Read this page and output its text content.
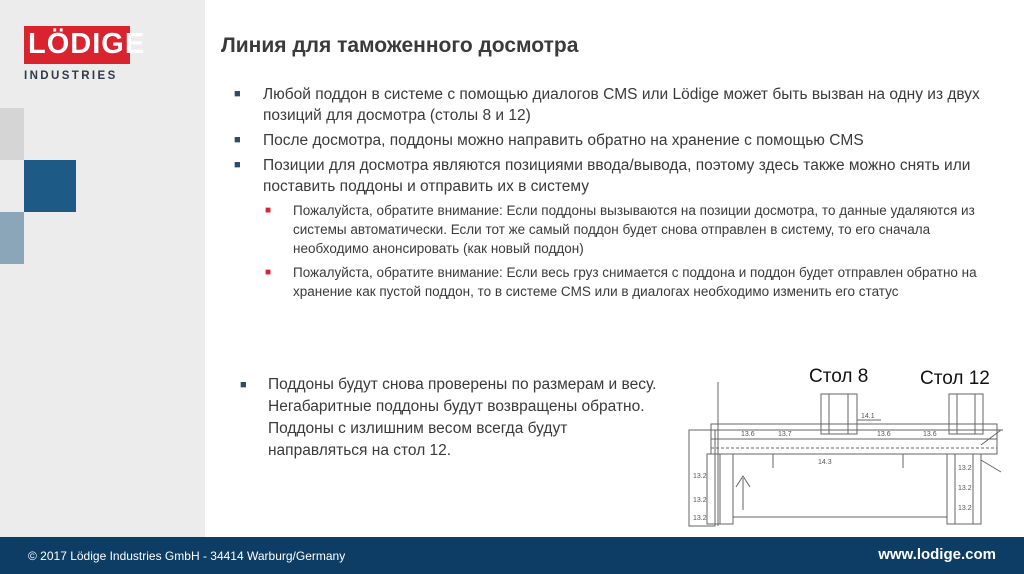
LÖDIGE
INDUSTRIES
Линия для таможенного досмотра
■ Любой поддон в системе с помощью диалогов CMS или Lödige может быть вызван на одну из двух позиций для досмотра (столы 8 и 12)
■ После досмотра, поддоны можно направить обратно на хранение с помощью CMS
■ Позиции для досмотра являются позициями ввода/вывода, поэтому здесь также можно снять или поставить поддоны и отправить их в систему
■ Пожалуйста, обратите внимание: Если поддоны вызываются на позиции досмотра, то данные удаляются из системы автоматически. Если тот же самый поддон будет снова отправлен в систему, то его сначала необходимо анонсировать (как новый поддон)
■ Пожалуйста, обратите внимание: Если весь груз снимается с поддона и поддон будет отправлен обратно на хранение как пустой поддон, то в системе CMS или в диалогах необходимо изменить его статус
■ Поддоны будут снова проверены по размерам и весу. Негабаритные поддоны будут возвращены обратно. Поддоны с излишним весом всегда будут направляться на стол 12.
Стол 8	Стол 12
13.6	13.7	13.6	13.6
14.3
13.2
13.2
13.2
13.2
13.2
13.2
14.1
© 2017 Lödige Industries GmbH - 34414 Warburg/Germany	www.lodige.com
